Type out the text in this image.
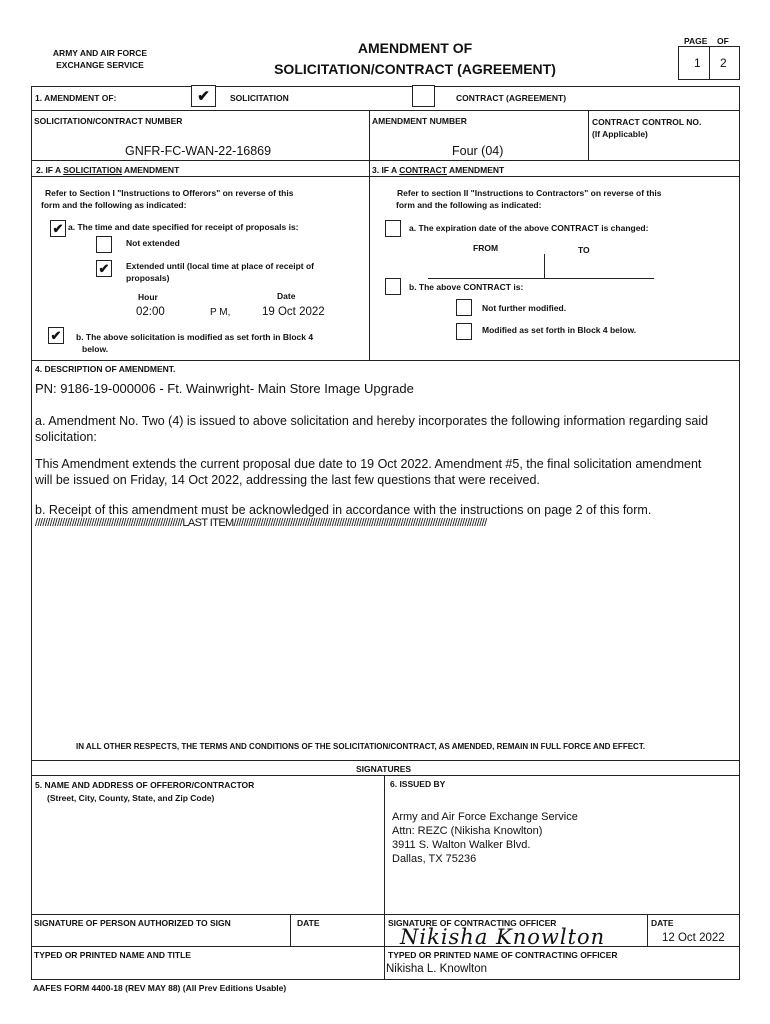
ARMY AND AIR FORCE
EXCHANGE SERVICE
AMENDMENT OF
SOLICITATION/CONTRACT (AGREEMENT)
PAGE OF
1 2
1. AMENDMENT OF:	✔	SOLICITATION	CONTRACT (AGREEMENT)
SOLICITATION/CONTRACT NUMBER
GNFR-FC-WAN-22-16869
AMENDMENT NUMBER
Four (04)
CONTRACT CONTROL NO.
(If Applicable)
2. IF A SOLICITATION AMENDMENT
Refer to Section I "Instructions to Offerors" on reverse of this
form and the following as indicated:
✔ a. The time and date specified for receipt of proposals is:
Not extended
✔ Extended until (local time at place of receipt of
proposals)
Hour	Date
02:00	P M,	19 Oct 2022
✔ b. The above solicitation is modified as set forth in Block 4
below.
3. IF A CONTRACT AMENDMENT
Refer to section II "Instructions to Contractors" on reverse of this
form and the following as indicated:
a. The expiration date of the above CONTRACT is changed:
FROM	TO
b. The above CONTRACT is:
Not further modified.
Modified as set forth in Block 4 below.
4. DESCRIPTION OF AMENDMENT.
PN: 9186-19-000006 - Ft. Wainwright- Main Store Image Upgrade
a. Amendment No. Two (4) is issued to above solicitation and hereby incorporates the following information regarding said
solicitation:
This Amendment extends the current proposal due date to 19 Oct 2022. Amendment #5, the final solicitation amendment
will be issued on Friday, 14 Oct 2022, addressing the last few questions that were received.
b. Receipt of this amendment must be acknowledged in accordance with the instructions on page 2 of this form.
////////////////////////////////////////////////////////////LAST ITEM///////////////////////////////////////////////////////////////////////////////////////////////////////
IN ALL OTHER RESPECTS, THE TERMS AND CONDITIONS OF THE SOLICITATION/CONTRACT, AS AMENDED, REMAIN IN FULL FORCE AND EFFECT.
SIGNATURES
5. NAME AND ADDRESS OF OFFEROR/CONTRACTOR
(Street, City, County, State, and Zip Code)
6. ISSUED BY
Army and Air Force Exchange Service
Attn: REZC (Nikisha Knowlton)
3911 S. Walton Walker Blvd.
Dallas, TX 75236
SIGNATURE OF PERSON AUTHORIZED TO SIGN	DATE	SIGNATURE OF CONTRACTING OFFICER
Nikisha Knowlton
DATE
12 Oct 2022
TYPED OR PRINTED NAME AND TITLE	TYPED OR PRINTED NAME OF CONTRACTING OFFICER
Nikisha L. Knowlton
AAFES FORM 4400-18 (REV MAY 88) (All Prev Editions Usable)
